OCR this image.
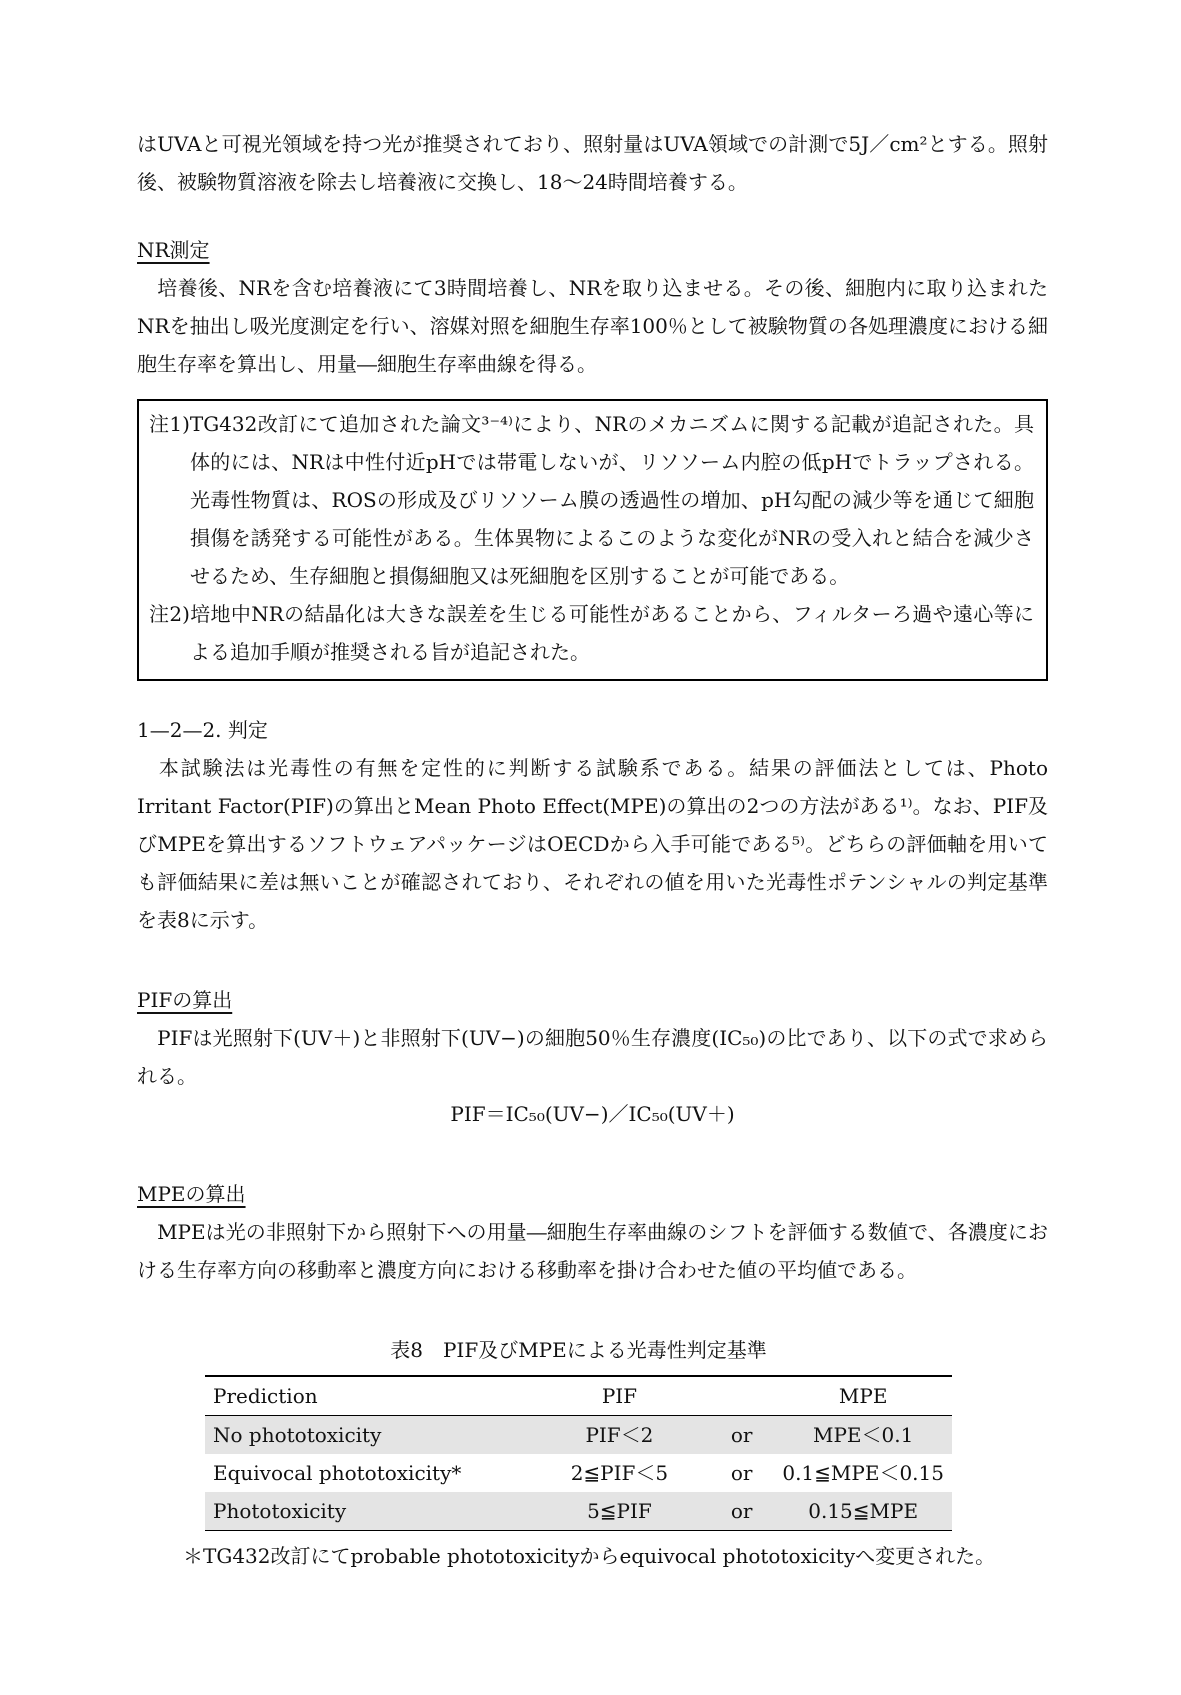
はUVAと可視光領域を持つ光が推奨されており、照射量はUVA領域での計測で5J／cm²とする。照射後、被験物質溶液を除去し培養液に交換し、18〜24時間培養する。

NR測定

　培養後、NRを含む培養液にて3時間培養し、NRを取り込ませる。その後、細胞内に取り込まれたNRを抽出し吸光度測定を行い、溶媒対照を細胞生存率100％として被験物質の各処理濃度における細胞生存率を算出し、用量―細胞生存率曲線を得る。

注1)TG432改訂にて追加された論文³⁻⁴⁾により、NRのメカニズムに関する記載が追記された。具体的には、NRは中性付近pHでは帯電しないが、リソソーム内腔の低pHでトラップされる。光毒性物質は、ROSの形成及びリソソーム膜の透過性の増加、pH勾配の減少等を通じて細胞損傷を誘発する可能性がある。生体異物によるこのような変化がNRの受入れと結合を減少させるため、生存細胞と損傷細胞又は死細胞を区別することが可能である。

注2)培地中NRの結晶化は大きな誤差を生じる可能性があることから、フィルターろ過や遠心等による追加手順が推奨される旨が追記された。

1—2—2. 判定

　本試験法は光毒性の有無を定性的に判断する試験系である。結果の評価法としては、Photo Irritant Factor(PIF)の算出とMean Photo Effect(MPE)の算出の2つの方法がある¹⁾。なお、PIF及びMPEを算出するソフトウェアパッケージはOECDから入手可能である⁵⁾。どちらの評価軸を用いても評価結果に差は無いことが確認されており、それぞれの値を用いた光毒性ポテンシャルの判定基準を表8に示す。

PIFの算出

　PIFは光照射下(UV＋)と非照射下(UV−)の細胞50％生存濃度(IC₅₀)の比であり、以下の式で求められる。

PIF＝IC₅₀(UV−)／IC₅₀(UV＋)

MPEの算出

　MPEは光の非照射下から照射下への用量―細胞生存率曲線のシフトを評価する数値で、各濃度における生存率方向の移動率と濃度方向における移動率を掛け合わせた値の平均値である。

表8　PIF及びMPEによる光毒性判定基準
Prediction	PIF		MPE
No phototoxicity	PIF＜2	or	MPE＜0.1
Equivocal phototoxicity*	2≦PIF＜5	or	0.1≦MPE＜0.15
Phototoxicity	5≦PIF	or	0.15≦MPE

＊TG432改訂にてprobable phototoxicityからequivocal phototoxicityへ変更された。
